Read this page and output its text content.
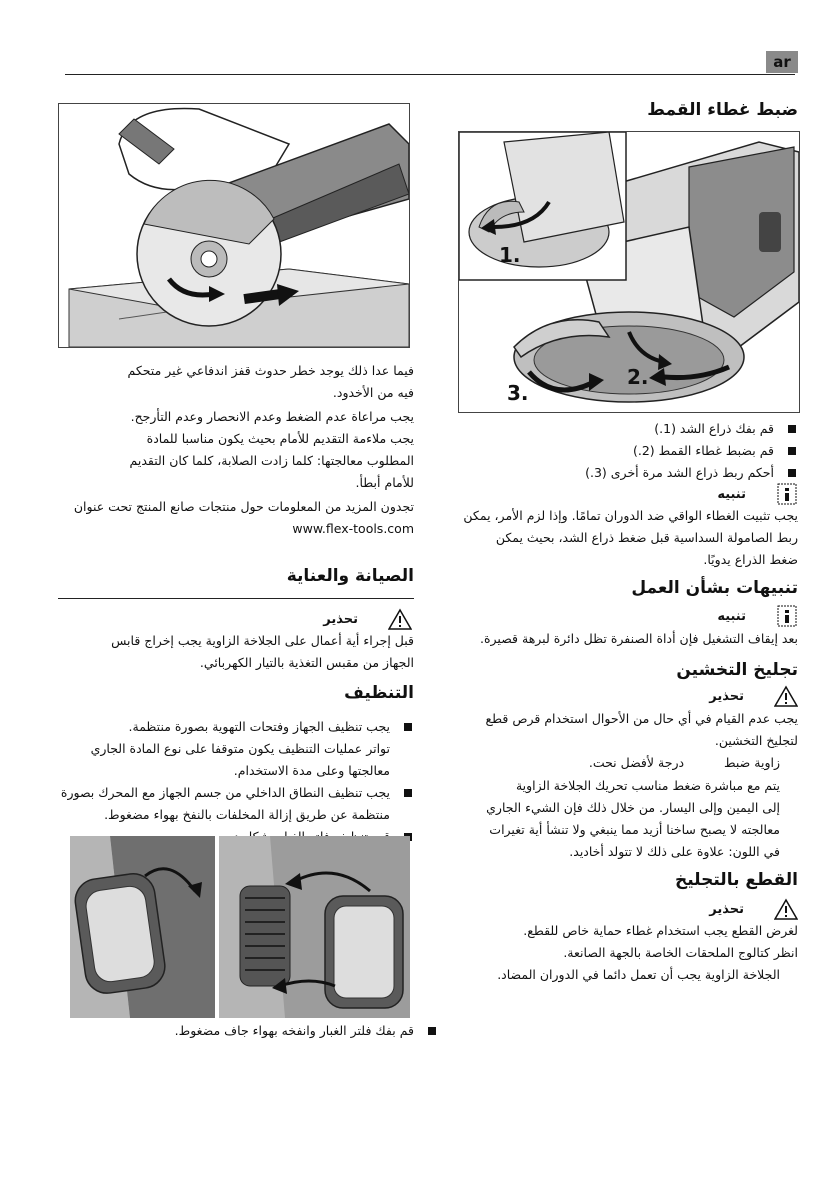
ar
ضبط غطاء القمط
1.
2.
3.

قم بفك ذراع الشد (1.)

قم بضبط غطاء القمط (2.)

أحكم ربط ذراع الشد مرة أخرى (3.)

تنبيه

يجب تثبيت الغطاء الواقي ضد الدوران تمامًا. وإذا لزم الأمر، يمكن

ربط الصامولة السداسية قبل ضغط ذراع الشد، بحيث يمكن

ضغط الذراع يدويًا.

تنبيهات بشأن العمل
تنبيه

بعد إيقاف التشغيل فإن أداة الصنفرة تظل دائرة لبرهة قصيرة.

تجليخ التخشين
تحذير

يجب عدم القيام في أي حال من الأحوال استخدام قرص قطع

لتجليخ التخشين.

زاوية ضبط

درجة لأفضل نحت.

يتم مع مباشرة ضغط مناسب تحريك الجلاخة الزاوية

إلى اليمين وإلى اليسار. من خلال ذلك فإن الشيء الجاري

معالجته لا يصبح ساخنا أزيد مما ينبغي ولا تنشأ أية تغيرات

في اللون: علاوة على ذلك لا تتولد أخاديد.

القطع بالتجليخ
تحذير

لغرض القطع يجب استخدام غطاء حماية خاص للقطع.

انظر كتالوج الملحقات الخاصة بالجهة الصانعة.

الجلاخة الزاوية يجب أن تعمل دائما في الدوران المضاد.

فيما عدا ذلك يوجد خطر حدوث قفز اندفاعي غير متحكم

فيه من الأخدود.

يجب مراعاة عدم الضغط وعدم الانحصار وعدم التأرجح.

يجب ملاءمة التقديم للأمام بحيث يكون مناسبا للمادة

المطلوب معالجتها: كلما زادت الصلابة، كلما كان التقديم

للأمام أبطأ.

تجدون المزيد من المعلومات حول منتجات صانع المنتج تحت عنوان

www.flex-tools.com

الصيانة والعناية
تحذير

قبل إجراء أية أعمال على الجلاخة الزاوية يجب إخراج قابس

الجهاز من مقبس التغذية بالتيار الكهربائي.

التنظيف

يجب تنظيف الجهاز وفتحات التهوية بصورة منتظمة.

تواتر عمليات التنظيف يكون متوقفا على نوع المادة الجاري

معالجتها وعلى مدة الاستخدام.

يجب تنظيف النطاق الداخلي من جسم الجهاز مع المحرك بصورة

منتظمة عن طريق إزالة المخلفات بالنفخ بهواء مضغوط.

قم بفك فلتر الغبار وانفخه بهواء جاف مضغوط.
